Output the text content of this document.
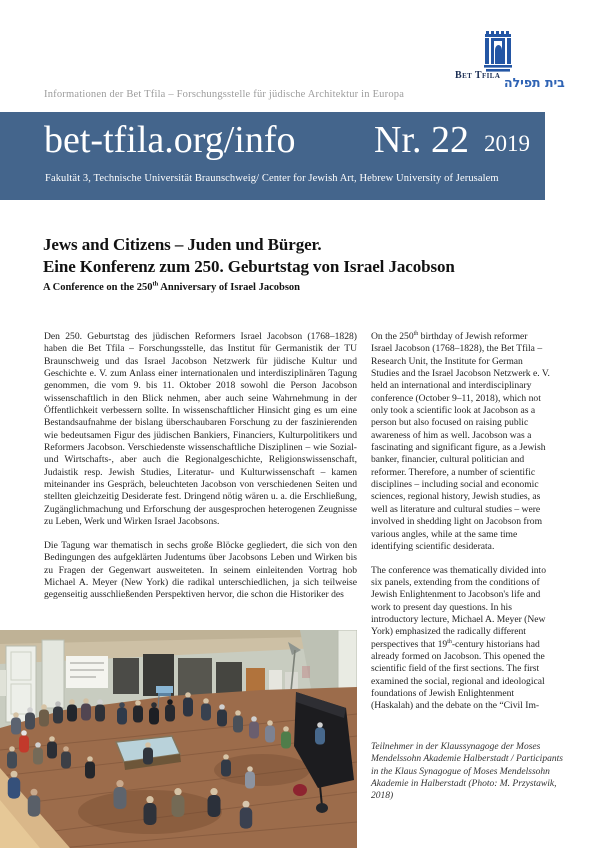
Bet Tfila בית תפילה
Informationen der Bet Tfila – Forschungsstelle für jüdische Architektur in Europa
bet-tfila.org/info Nr. 22 2019
Fakultät 3, Technische Universität Braunschweig/ Center for Jewish Art, Hebrew University of Jerusalem
Jews and Citizens – Juden und Bürger.
Eine Konferenz zum 250. Geburtstag von Israel Jacobson
A Conference on the 250th Anniversary of Israel Jacobson

Den 250. Geburtstag des jüdischen Reformers Israel Jacobson (1768–1828) haben die Bet Tfila – Forschungsstelle, das Institut für Germanistik der TU Braunschweig und das Israel Jacobson Netzwerk für jüdische Kultur und Geschichte e. V. zum Anlass einer internationalen und interdisziplinären Tagung genommen, die vom 9. bis 11. Oktober 2018 sowohl die Person Jacobson wissenschaftlich in den Blick nehmen, aber auch seine Wahrnehmung in der Öffentlichkeit verbessern sollte. In wissenschaftlicher Hinsicht ging es um eine Bestandsaufnahme der bislang überschaubaren Forschung zu der faszinierenden wie bedeutsamen Figur des jüdischen Bankiers, Financiers, Kulturpolitikers und Reformers Jacobson. Verschiedenste wissenschaftliche Disziplinen – wie Sozial- und Wirtschafts-, aber auch die Regionalgeschichte, Religionswissenschaft, Judaistik resp. Jewish Studies, Literatur- und Kulturwissenschaft – kamen miteinander ins Gespräch, beleuchteten Jacobson von verschiedenen Seiten und stellten gleichzeitig Desiderate fest. Dringend nötig wären u. a. die Erschließung, Zugänglichmachung und Erforschung der ausgesprochen heterogenen Zeugnisse zu Leben, Werk und Wirken Israel Jacobsons.

Die Tagung war thematisch in sechs große Blöcke gegliedert, die sich von den Bedingungen des aufgeklärten Judentums über Jacobsons Leben und Wirken bis zu Fragen der Gegenwart ausweiteten. In seinem einleitenden Vortrag hob Michael A. Meyer (New York) die radikal unterschiedlichen, ja sich teilweise gegenseitig ausschließenden Perspektiven hervor, die schon die Historiker des

On the 250th birthday of Jewish reformer Israel Jacobson (1768–1828), the Bet Tfila – Research Unit, the Institute for German Studies and the Israel Jacobson Netzwerk e. V. held an international and interdisciplinary conference (October 9–11, 2018), which not only took a scientific look at Jacobson as a person but also focused on raising public awareness of him as well. Jacobson was a fascinating and significant figure, as a Jewish banker, financier, cultural politician and reformer. Therefore, a number of scientific disciplines – including social and economic sciences, regional history, Jewish studies, as well as literature and cultural studies – were involved in shedding light on Jacobson from various angles, while at the same time identifying scientific desiderata.

The conference was thematically divided into six panels, extending from the conditions of Jewish Enlightenment to Jacobson's life and work to present day questions. In his introductory lecture, Michael A. Meyer (New York) emphasized the radically different perspectives that 19th-century historians had already formed on Jacobson. This opened the scientific field of the first sections. The first examined the social, regional and ideological foundations of Jewish Enlightenment (Haskalah) and the debate on the “Civil Im-

Teilnehmer in der Klaussynagoge der Moses Mendelssohn Akademie Halberstadt / Participants in the Klaus Synagogue of Moses Mendelssohn Akademie in Halberstadt (Photo: M. Przystawik, 2018)
